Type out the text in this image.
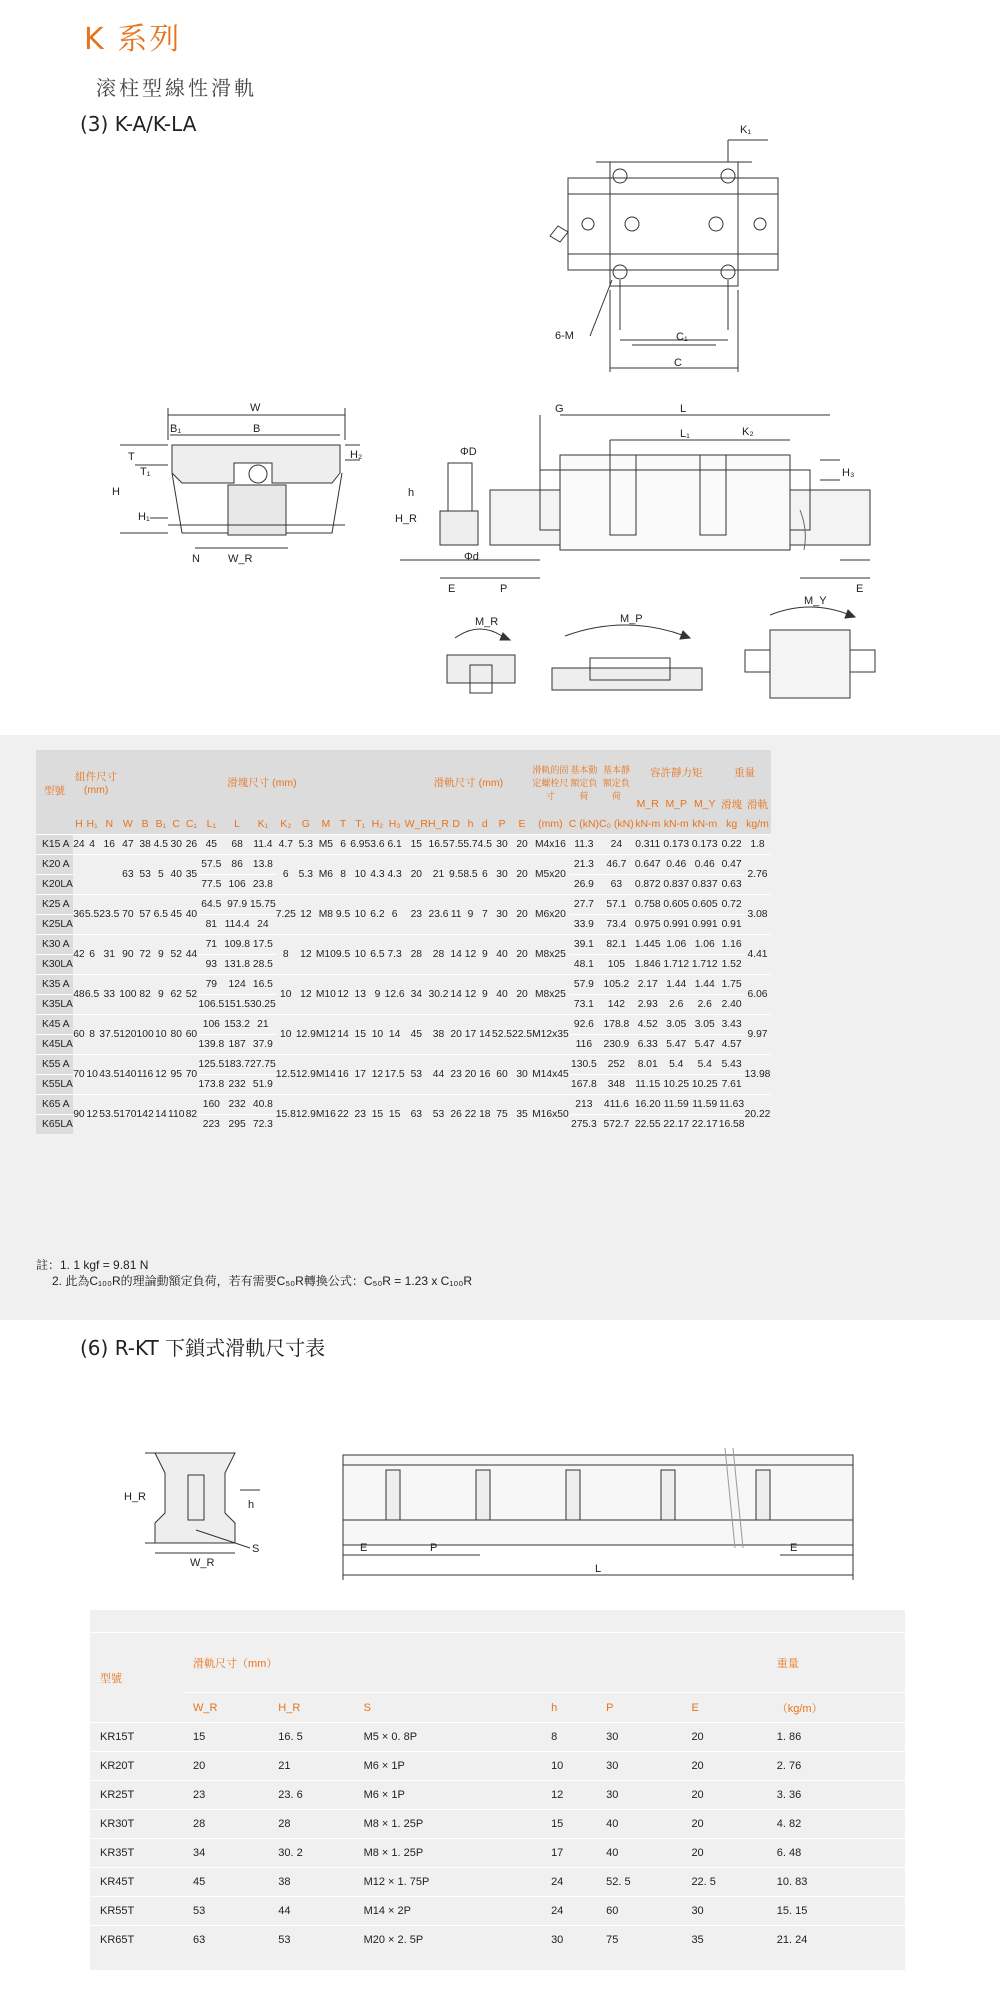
K 系列
滚柱型線性滑軌
(3) K-A/K-LA	K₁
6-M	C₁
C
W
B₁	B
H
H₁
H₂
T
T₁
N	W_R
ΦD
Φd
h
H_R
E	P
G	L
L₁	K₂
H₃
E
M_R	M_P
M_Y
型號	組件尺寸 (mm)			滑塊尺寸 (mm)															滑軌尺寸 (mm)							滑軌的固定螺栓尺寸	基本動額定負荷	基本靜額定負荷	容許靜力矩			重量	
																													M_R	M_P	M_Y	滑塊	滑軌
	H	H₁	N	W	B	B₁	C	C₁	L₁	L	K₁	K₂	G	M	T	T₁	H₂	H₃	W_R	H_R	D	h	d	P	E	(mm)	C (kN)	C₀ (kN)	kN-m	kN-m	kN-m	kg	kg/m
K15 A	24	4	16	47	38	4.5	30	26	45	68	11.4	4.7	5.3	M5	6	6.95	3.6	6.1	15	16.5	7.5	5.7	4.5	30	20	M4x16	11.3	24	0.311	0.173	0.173	0.22	1.8
K20 A				63	53	5	40	35	57.5	86	13.8	6	5.3	M6	8	10	4.3	4.3	20	21	9.5	8.5	6	30	20	M5x20	21.3	46.7	0.647	0.46	0.46	0.47	2.76
K20LA									77.5	106	23.8																26.9	63	0.872	0.837	0.837	0.63	
K25 A	36	5.5	23.5	70	57	6.5	45	40	64.5	97.9	15.75	7.25	12	M8	9.5	10	6.2	6	23	23.6	11	9	7	30	20	M6x20	27.7	57.1	0.758	0.605	0.605	0.72	3.08
K25LA									81	114.4	24																33.9	73.4	0.975	0.991	0.991	0.91	
K30 A	42	6	31	90	72	9	52	44	71	109.8	17.5	8	12	M10	9.5	10	6.5	7.3	28	28	14	12	9	40	20	M8x25	39.1	82.1	1.445	1.06	1.06	1.16	4.41
K30LA									93	131.8	28.5																48.1	105	1.846	1.712	1.712	1.52	
K35 A	48	6.5	33	100	82	9	62	52	79	124	16.5	10	12	M10	12	13	9	12.6	34	30.2	14	12	9	40	20	M8x25	57.9	105.2	2.17	1.44	1.44	1.75	6.06
K35LA									106.5	151.5	30.25																73.1	142	2.93	2.6	2.6	2.40	
K45 A	60	8	37.5	120	100	10	80	60	106	153.2	21	10	12.9	M12	14	15	10	14	45	38	20	17	14	52.5	22.5	M12x35	92.6	178.8	4.52	3.05	3.05	3.43	9.97
K45LA									139.8	187	37.9																116	230.9	6.33	5.47	5.47	4.57	
K55 A	70	10	43.5	140	116	12	95	70	125.5	183.7	27.75	12.5	12.9	M14	16	17	12	17.5	53	44	23	20	16	60	30	M14x45	130.5	252	8.01	5.4	5.4	5.43	13.98
K55LA									173.8	232	51.9																167.8	348	11.15	10.25	10.25	7.61	
K65 A	90	12	53.5	170	142	14	110	82	160	232	40.8	15.8	12.9	M16	22	23	15	15	63	53	26	22	18	75	35	M16x50	213	411.6	16.20	11.59	11.59	11.63	20.22
K65LA									223	295	72.3																275.3	572.7	22.55	22.17	22.17	16.58	
註：1. 1 kgf = 9.81 N
2. 此為C₁₀₀R的理論動額定負荷，若有需要C₅₀R轉換公式：C₅₀R = 1.23 x C₁₀₀R
(6) R-KT 下鎖式滑軌尺寸表
H_R
h
W_R
S	E	P	E
L
型號	滑軌尺寸（mm）						重量
	W_R	H_R	S	h	P	E	（kg/m）
KR15T	15	16. 5	M5 × 0. 8P	8	30	20	1. 86
KR20T	20	21	M6 × 1P	10	30	20	2. 76
KR25T	23	23. 6	M6 × 1P	12	30	20	3. 36
KR30T	28	28	M8 × 1. 25P	15	40	20	4. 82
KR35T	34	30. 2	M8 × 1. 25P	17	40	20	6. 48
KR45T	45	38	M12 × 1. 75P	24	52. 5	22. 5	10. 83
KR55T	53	44	M14 × 2P	24	60	30	15. 15
KR65T	63	53	M20 × 2. 5P	30	75	35	21. 24
